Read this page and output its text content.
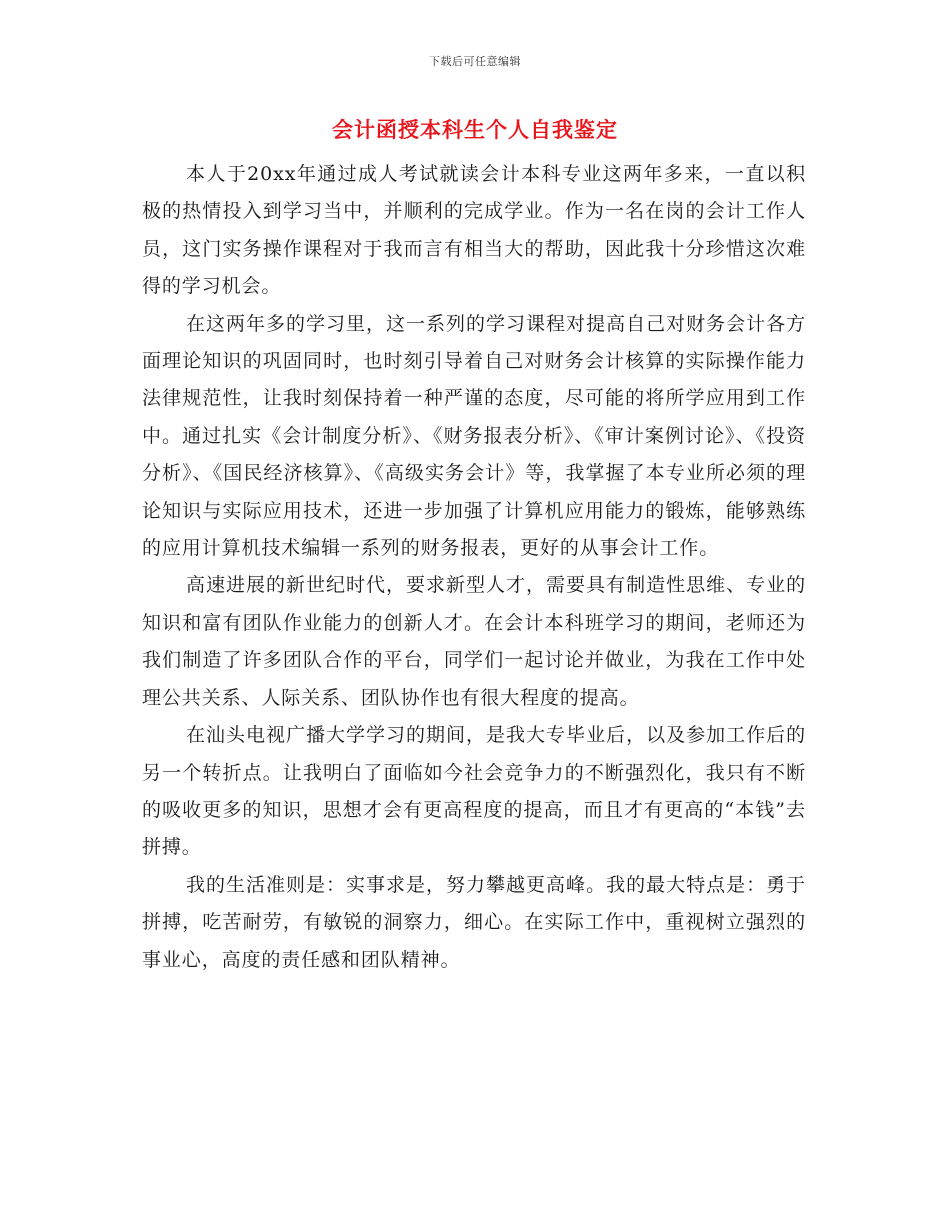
下载后可任意编辑
会计函授本科生个人自我鉴定

本人于20xx年通过成人考试就读会计本科专业这两年多来，一直以积极的热情投入到学习当中，并顺利的完成学业。作为一名在岗的会计工作人员，这门实务操作课程对于我而言有相当大的帮助，因此我十分珍惜这次难得的学习机会。

在这两年多的学习里，这一系列的学习课程对提高自己对财务会计各方面理论知识的巩固同时，也时刻引导着自己对财务会计核算的实际操作能力法律规范性，让我时刻保持着一种严谨的态度，尽可能的将所学应用到工作中。通过扎实《会计制度分析》、《财务报表分析》、《审计案例讨论》、《投资分析》、《国民经济核算》、《高级实务会计》等，我掌握了本专业所必须的理论知识与实际应用技术，还进一步加强了计算机应用能力的锻炼，能够熟练的应用计算机技术编辑一系列的财务报表，更好的从事会计工作。

高速进展的新世纪时代，要求新型人才，需要具有制造性思维、专业的知识和富有团队作业能力的创新人才。在会计本科班学习的期间，老师还为我们制造了许多团队合作的平台，同学们一起讨论并做业，为我在工作中处理公共关系、人际关系、团队协作也有很大程度的提高。

在汕头电视广播大学学习的期间，是我大专毕业后，以及参加工作后的另一个转折点。让我明白了面临如今社会竞争力的不断强烈化，我只有不断的吸收更多的知识，思想才会有更高程度的提高，而且才有更高的“本钱”去拼搏。

我的生活准则是：实事求是，努力攀越更高峰。我的最大特点是：勇于拼搏，吃苦耐劳，有敏锐的洞察力，细心。在实际工作中，重视树立强烈的事业心，高度的责任感和团队精神。
